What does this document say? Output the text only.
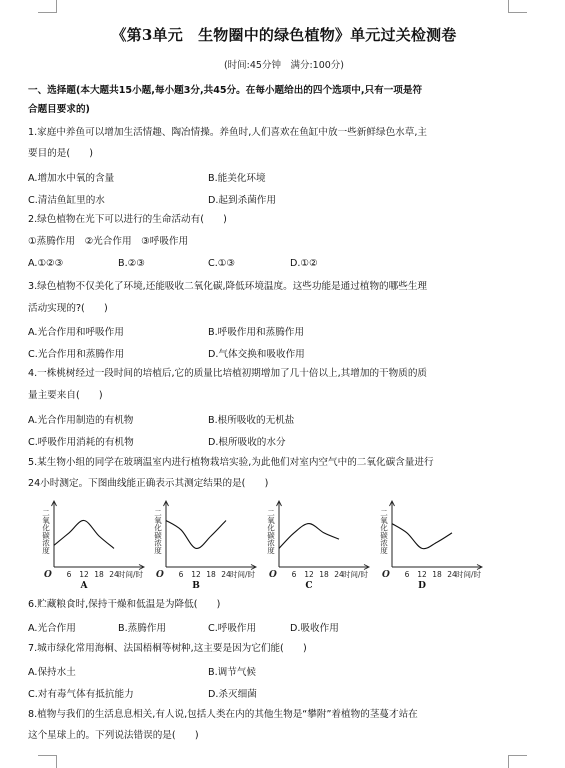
《第3单元　生物圈中的绿色植物》单元过关检测卷
(时间:45分钟　满分:100分)
一、选择题(本大题共15小题,每小题3分,共45分。在每小题给出的四个选项中,只有一项是符
合题目要求的)
1.家庭中养鱼可以增加生活情趣、陶冶情操。养鱼时,人们喜欢在鱼缸中放一些新鲜绿色水草,主
要目的是(　　)
A.增加水中氧的含量	B.能美化环境
C.清洁鱼缸里的水	D.起到杀菌作用
2.绿色植物在光下可以进行的生命活动有(　　)
①蒸腾作用　②光合作用　③呼吸作用
A.①②③	B.②③	C.①③	D.①②
3.绿色植物不仅美化了环境,还能吸收二氧化碳,降低环境温度。这些功能是通过植物的哪些生理
活动实现的?(　　)
A.光合作用和呼吸作用	B.呼吸作用和蒸腾作用
C.光合作用和蒸腾作用	D.气体交换和吸收作用
4.一株桃树经过一段时间的培植后,它的质量比培植初期增加了几十倍以上,其增加的干物质的质
量主要来自(　　)
A.光合作用制造的有机物	B.根所吸收的无机盐
C.呼吸作用消耗的有机物	D.根所吸收的水分
5.某生物小组的同学在玻璃温室内进行植物栽培实验,为此他们对室内空气中的二氧化碳含量进行
24小时测定。下图曲线能正确表示其测定结果的是(　　)
二氧化碳浓度
O 6 12 18 24 时间/时
A
二氧化碳浓度
O 6 12 18 24 时间/时
B
二氧化碳浓度
O 6 12 18 24 时间/时
C
二氧化碳浓度
O 6 12 18 24 时间/时
D
6.贮藏粮食时,保持干燥和低温是为降低(　　)
A.光合作用	B.蒸腾作用	C.呼吸作用	D.吸收作用
7.城市绿化常用海桐、法国梧桐等树种,这主要是因为它们能(　　)
A.保持水土	B.调节气候
C.对有毒气体有抵抗能力	D.杀灭细菌
8.植物与我们的生活息息相关,有人说,包括人类在内的其他生物是“攀附”着植物的茎蔓才站在
这个星球上的。下列说法错误的是(　　)
